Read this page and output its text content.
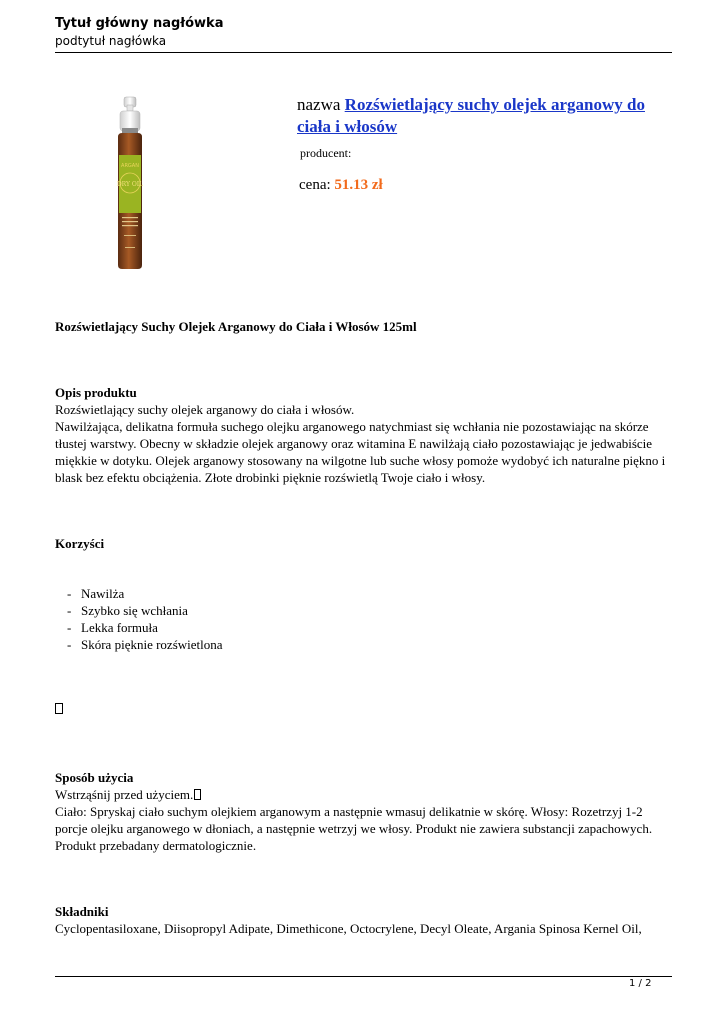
Tytuł główny nagłówka
podtytuł nagłówka
ARGAN
DRY OIL
nazwa Rozświetlający suchy olejek arganowy do ciała i włosów
producent:
cena: 51.13 zł
Rozświetlający Suchy Olejek Arganowy do Ciała i Włosów 125ml
Opis produktu
Rozświetlający suchy olejek arganowy do ciała i włosów.
Nawilżająca, delikatna formuła suchego olejku arganowego natychmiast się wchłania nie pozostawiając na skórze tłustej warstwy. Obecny w składzie olejek arganowy oraz witamina E nawilżają ciało pozostawiając je jedwabiście miękkie w dotyku. Olejek arganowy stosowany na wilgotne lub suche włosy pomoże wydobyć ich naturalne piękno i blask bez efektu obciążenia. Złote drobinki pięknie rozświetlą Twoje ciało i włosy.
Korzyści
- Nawilża
- Szybko się wchłania
- Lekka formuła
- Skóra pięknie rozświetlona
Sposób użycia
Wstrząśnij przed użyciem.
Ciało: Spryskaj ciało suchym olejkiem arganowym a następnie wmasuj delikatnie w skórę. Włosy: Rozetrzyj 1-2 porcje olejku arganowego w dłoniach, a następnie wetrzyj we włosy. Produkt nie zawiera substancji zapachowych. Produkt przebadany dermatologicznie.
Składniki
Cyclopentasiloxane, Diisopropyl Adipate, Dimethicone, Octocrylene, Decyl Oleate, Argania Spinosa Kernel Oil,
1 / 2
